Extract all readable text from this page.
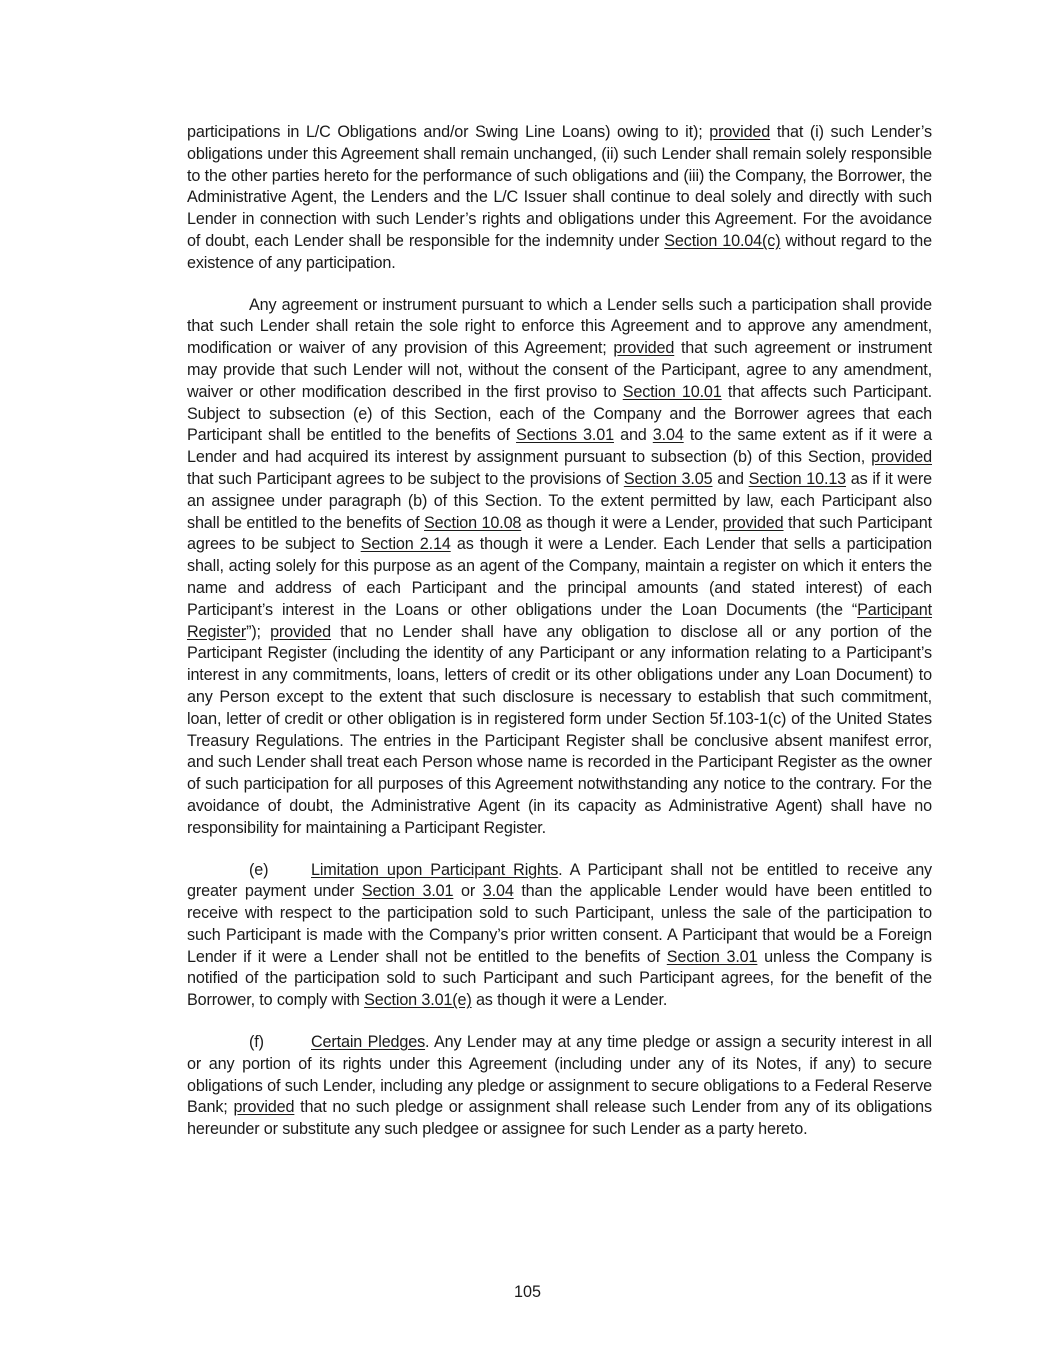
participations in L/C Obligations and/or Swing Line Loans) owing to it); provided that (i) such Lender’s obligations under this Agreement shall remain unchanged, (ii) such Lender shall remain solely responsible to the other parties hereto for the performance of such obligations and (iii) the Company, the Borrower, the Administrative Agent, the Lenders and the L/C Issuer shall continue to deal solely and directly with such Lender in connection with such Lender’s rights and obligations under this Agreement. For the avoidance of doubt, each Lender shall be responsible for the indemnity under Section 10.04(c) without regard to the existence of any participation.

Any agreement or instrument pursuant to which a Lender sells such a participation shall provide that such Lender shall retain the sole right to enforce this Agreement and to approve any amendment, modification or waiver of any provision of this Agreement; provided that such agreement or instrument may provide that such Lender will not, without the consent of the Participant, agree to any amendment, waiver or other modification described in the first proviso to Section 10.01 that affects such Participant. Subject to subsection (e) of this Section, each of the Company and the Borrower agrees that each Participant shall be entitled to the benefits of Sections 3.01 and 3.04 to the same extent as if it were a Lender and had acquired its interest by assignment pursuant to subsection (b) of this Section, provided that such Participant agrees to be subject to the provisions of Section 3.05 and Section 10.13 as if it were an assignee under paragraph (b) of this Section. To the extent permitted by law, each Participant also shall be entitled to the benefits of Section 10.08 as though it were a Lender, provided that such Participant agrees to be subject to Section 2.14 as though it were a Lender. Each Lender that sells a participation shall, acting solely for this purpose as an agent of the Company, maintain a register on which it enters the name and address of each Participant and the principal amounts (and stated interest) of each Participant’s interest in the Loans or other obligations under the Loan Documents (the “Participant Register”); provided that no Lender shall have any obligation to disclose all or any portion of the Participant Register (including the identity of any Participant or any information relating to a Participant’s interest in any commitments, loans, letters of credit or its other obligations under any Loan Document) to any Person except to the extent that such disclosure is necessary to establish that such commitment, loan, letter of credit or other obligation is in registered form under Section 5f.103-1(c) of the United States Treasury Regulations. The entries in the Participant Register shall be conclusive absent manifest error, and such Lender shall treat each Person whose name is recorded in the Participant Register as the owner of such participation for all purposes of this Agreement notwithstanding any notice to the contrary. For the avoidance of doubt, the Administrative Agent (in its capacity as Administrative Agent) shall have no responsibility for maintaining a Participant Register.

(e)	Limitation upon Participant Rights. A Participant shall not be entitled to receive any greater payment under Section 3.01 or 3.04 than the applicable Lender would have been entitled to receive with respect to the participation sold to such Participant, unless the sale of the participation to such Participant is made with the Company’s prior written consent. A Participant that would be a Foreign Lender if it were a Lender shall not be entitled to the benefits of Section 3.01 unless the Company is notified of the participation sold to such Participant and such Participant agrees, for the benefit of the Borrower, to comply with Section 3.01(e) as though it were a Lender.

(f)	Certain Pledges. Any Lender may at any time pledge or assign a security interest in all or any portion of its rights under this Agreement (including under any of its Notes, if any) to secure obligations of such Lender, including any pledge or assignment to secure obligations to a Federal Reserve Bank; provided that no such pledge or assignment shall release such Lender from any of its obligations hereunder or substitute any such pledgee or assignee for such Lender as a party hereto.

105
